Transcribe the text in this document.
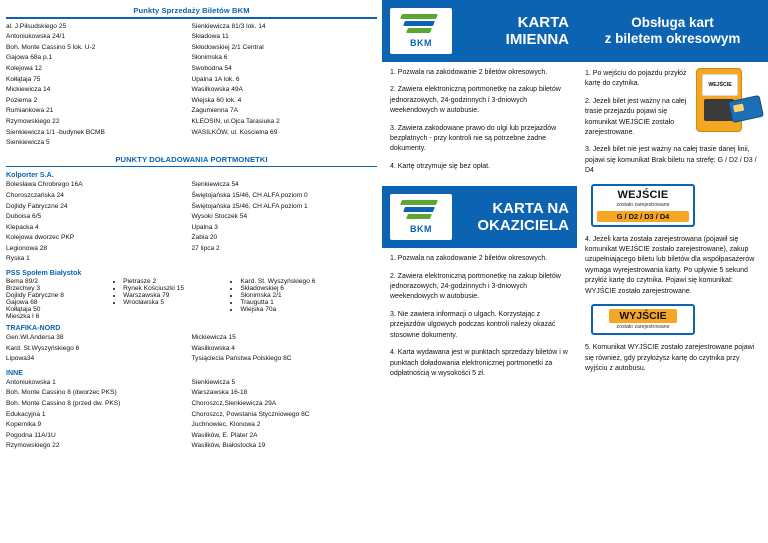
Punkty Sprzedaży Biletów BKM
al. J.Piłsudskiego 25
Antoniukowska 24/1
Boh. Monte Cassino 5 lok. U-2
Gajowa 68a p.1
Kolejowa 12
Kołłątaja 75
Mickiewicza 14
Poziema 2
Rumiankowa 21
Rzymowskiego 22
Sienkiewicza 1/1 -budynek BCMB
Sienkiewicza 5
Sienkiewicza 81/3 lok. 14
Składowa 11
Skłodowskiej 2/1 Central
Słonimska 6
Swobodna 54
Upalna 1A lok. 6
Wasilkowska 49A
Wiejska 60 lok. 4
Zagumienna 7A
KLEOSIN, ul.Ojca Tarasiuka 2
WASILKÓW, ul. Kościelna 69
PUNKTY DOŁADOWANIA PORTMONETKI
Kolporter S.A.
Bolesława Chrobrego 16A
Choroszczańska 24
Dojlidy Fabryczne 24
Duboisa 6/5
Klepacka 4
Kolejowa dworzec PKP
Legionowa 28
Ryska 1
Sienkiewicza 54
Świętojańska 15/46, CH ALFA poziom 0
Świętojańska 15/46, CH ALFA poziom 1
Wysoki Stoczek 54
Upalna 3
Żabia 20
27 lipca 2
PSS Społem Białystok
• Bema 89/2
• Brzechwy 3
• Dojlidy Fabryczne 8
• Gajowa 68
• Kołłątaja 50
• Mieszka I 6
• Pietrasze 2
• Rynek Kościuszki 15
• Warszawska 79
• Wrocławska 5
• Kard. St. Wyszyńskiego 6
• Składowskiej 6
• Słonimska 2/1
• Traugutta 1
• Wiejska 70a
TRAFIKA-NORD
Gen.Wł.Andersa 38
Kard. St.Wyszyńskiego 6
Lipowa34
Mickiewicza 15
Wasilkowska 4
Tysiąclecia Państwa Polskiego 8C
INNE
Antoniukowska 1
Boh. Monte Cassino 8 (dworzec PKS)
Boh. Monte Cassino 8 (przed dw. PKS)
Edukacyjna 1
Kopernika 9
Pogodna 11A/1U
Rzymowskiego 22
Sienkiewicza 5
Warszawska 16-18
Choroszcz,Sienkiewicza 29A
Choroszcz, Powstania Styczniowego 8C
Juchnowiec, Klonowa 2
Wasilków, E. Plater 2A
Wasilków, Białostocka 19
BKM
KARTA
IMIENNA

1. Pozwala na zakodowanie 2 biletów okresowych.

2. Zawiera elektroniczną portmonetkę na zakup biletów jednorazowych, 24-godzinnych i 3-dniowych weekendowych w autobusie.

3. Zawiera zakodowane prawo do ulgi lub przejazdów bezpłatnych - przy kontroli nie są potrzebne żadne dokumenty.

4. Kartę otrzymuje się bez opłat.

BKM
KARTA NA
OKAZICIELA

1. Pozwala na zakodowanie 2 biletów okresowych.

2. Zawiera elektroniczną portmonetkę na zakup biletów jednorazowych, 24-godzinnych i 3-dniowych weekendowych w autobusie.

3. Nie zawiera informacji o ulgach. Korzystając z przejazdów ulgowych podczas kontroli należy okazać stosowne dokumenty.

4. Karta wydawana jest w punktach sprzedaży biletów i w punktach doładowania elektronicznej portmonetki za odpłatnością w wysokości 5 zł.

Obsługa kart
z biletem okresowym
WEJŚCIE

1. Po wejściu do pojazdu przyłóż kartę do czytnika.

2. Jeżeli bilet jest ważny na całej trasie przejazdu pojawi się komunikat WEJŚCIE zostało zarejestrowane.

3. Jeżeli bilet nie jest ważny na całej trasie danej linii, pojawi się komunikat Brak biletu na strefę: G / D2 / D3 / D4

WEJŚCIE
zostało zarejestrowane
G / D2 / D3 / D4

4. Jeżeli karta została zarejestrowana (pojawił się komunikat WEJŚCIE zostało zarejestrowane), zakup uzupełniającego biletu lub biletów dla współpasażerów wymaga wyrejestrowania karty. Po upływie 5 sekund przyłóż kartę do czytnika. Pojawi się komunikat: WYJŚCIE zostało zarejestrowane.

WYJŚCIE
zostało zarejestrowane

5. Komunikat WYJŚCIE zostało zarejestrowane pojawi się również, gdy przyłożysz kartę do czytnika przy wyjściu z autobusu.
